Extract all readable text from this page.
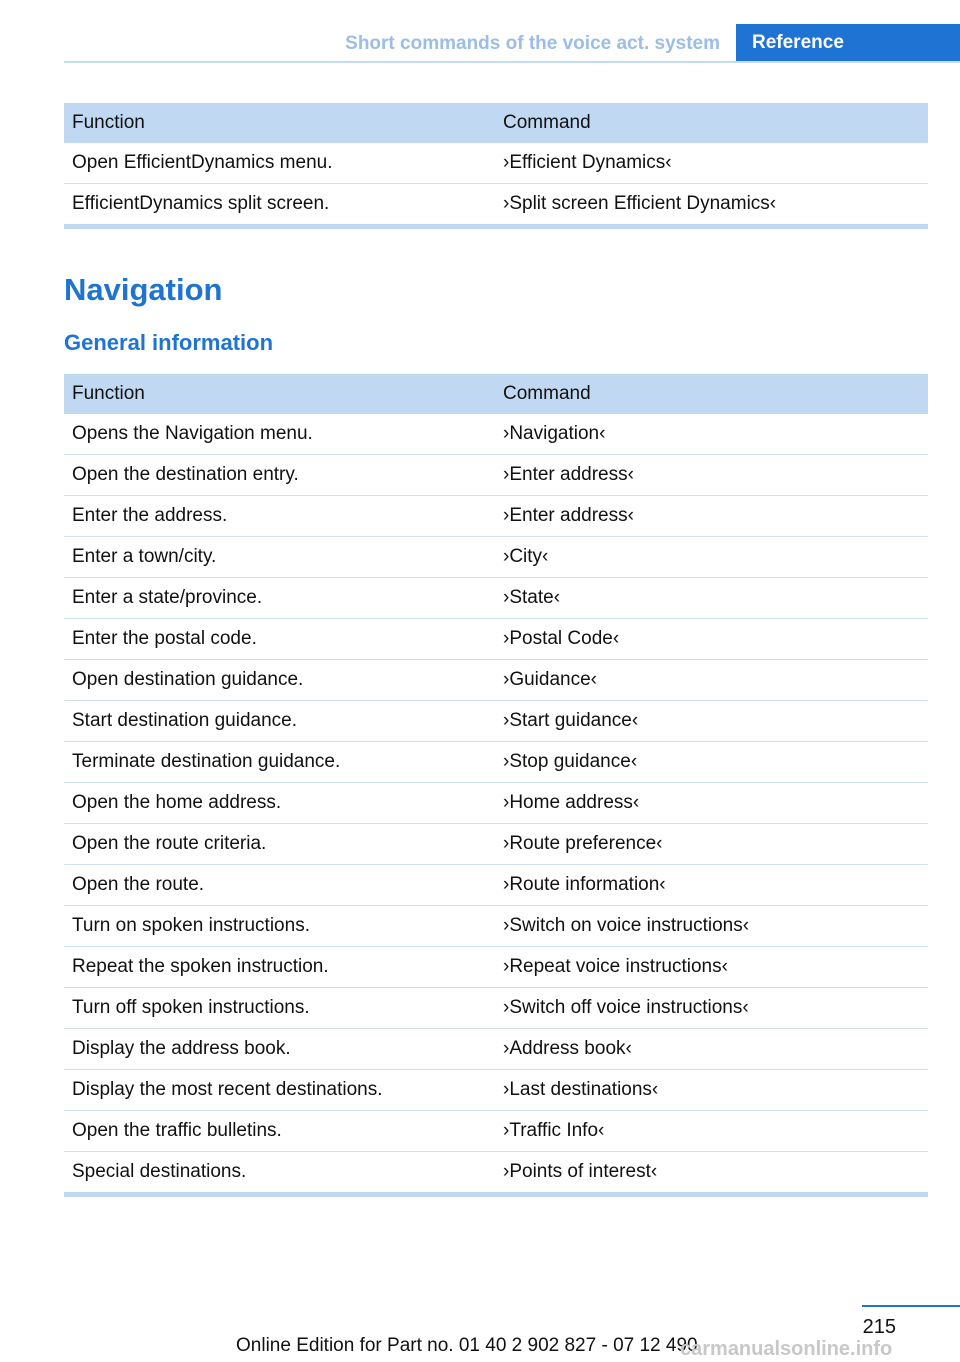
Short commands of the voice act. system	Reference
Function	Command
Open EfficientDynamics menu.	›Efficient Dynamics‹
EfficientDynamics split screen.	›Split screen Efficient Dynamics‹
Navigation
General information
Function	Command
Opens the Navigation menu.	›Navigation‹
Open the destination entry.	›Enter address‹
Enter the address.	›Enter address‹
Enter a town/city.	›City‹
Enter a state/province.	›State‹
Enter the postal code.	›Postal Code‹
Open destination guidance.	›Guidance‹
Start destination guidance.	›Start guidance‹
Terminate destination guidance.	›Stop guidance‹
Open the home address.	›Home address‹
Open the route criteria.	›Route preference‹
Open the route.	›Route information‹
Turn on spoken instructions.	›Switch on voice instructions‹
Repeat the spoken instruction.	›Repeat voice instructions‹
Turn off spoken instructions.	›Switch off voice instructions‹
Display the address book.	›Address book‹
Display the most recent destinations.	›Last destinations‹
Open the traffic bulletins.	›Traffic Info‹
Special destinations.	›Points of interest‹
215
Online Edition for Part no. 01 40 2 902 827 - 07 12 490
carmanualsonline.info
